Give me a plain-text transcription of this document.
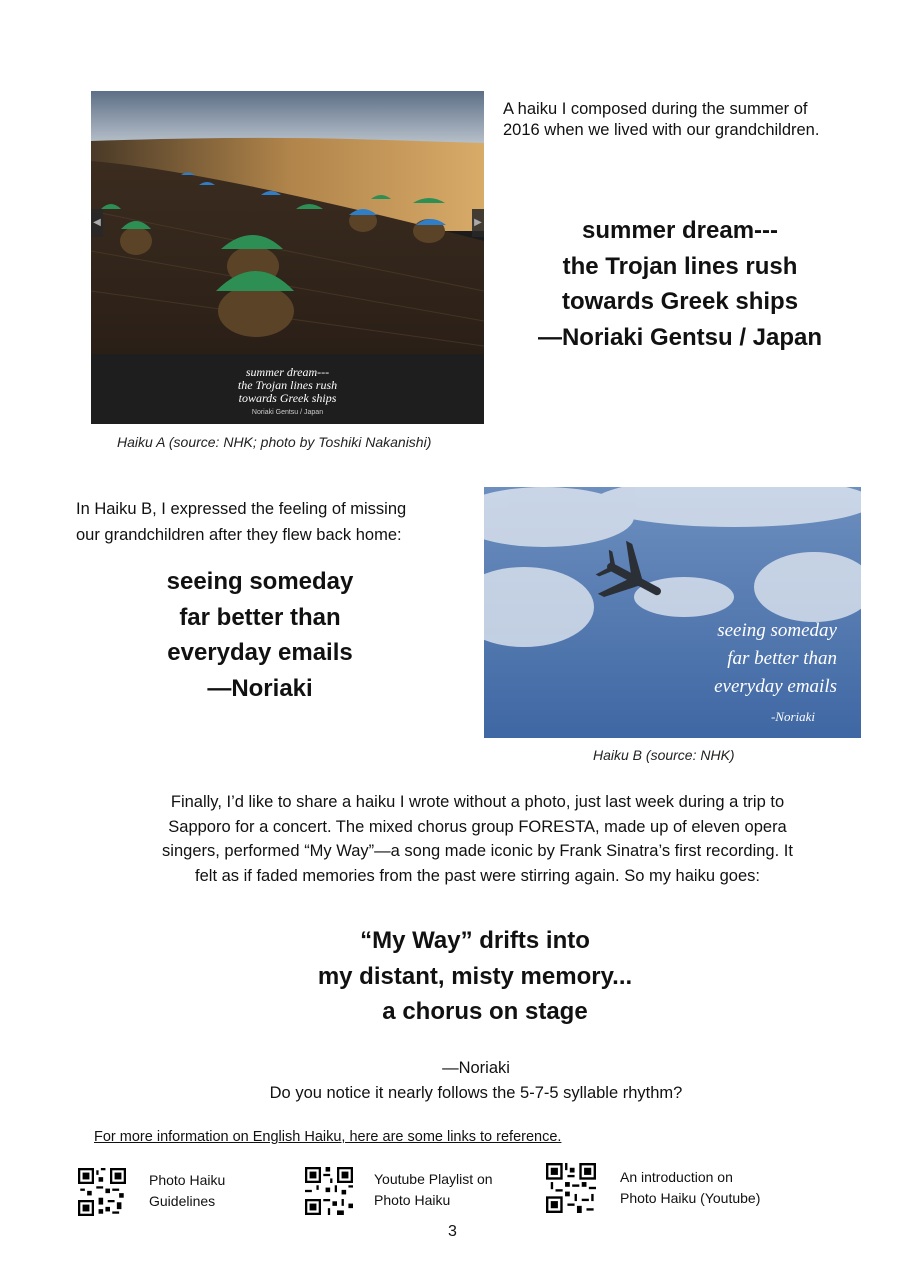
◀	▶
summer dream---
the Trojan lines rush
towards Greek ships
Noriaki Gentsu / Japan
Haiku A (source: NHK; photo by Toshiki Nakanishi)
A haiku I composed during the summer of
2016 when we lived with our grandchildren.
summer dream---
the Trojan lines rush
towards Greek ships
—Noriaki Gentsu / Japan
In Haiku B, I expressed the feeling of missing
our grandchildren after they flew back home:
seeing someday
far better than
everyday emails
—Noriaki
seeing someday
far better than
everyday emails
-Noriaki
Haiku B (source: NHK)
Finally, I’d like to share a haiku I wrote without a photo, just last week during a trip to
Sapporo for a concert. The mixed chorus group FORESTA, made up of eleven opera
singers, performed “My Way”—a song made iconic by Frank Sinatra’s first recording. It
felt as if faded memories from the past were stirring again. So my haiku goes:
“My Way” drifts into
my distant, misty memory...
a chorus on stage
—Noriaki
Do you notice it nearly follows the 5-7-5 syllable rhythm?
For more information on English Haiku, here are some links to reference.
Photo Haiku
Guidelines
Youtube Playlist on
Photo Haiku
An introduction on
Photo Haiku (Youtube)
3
